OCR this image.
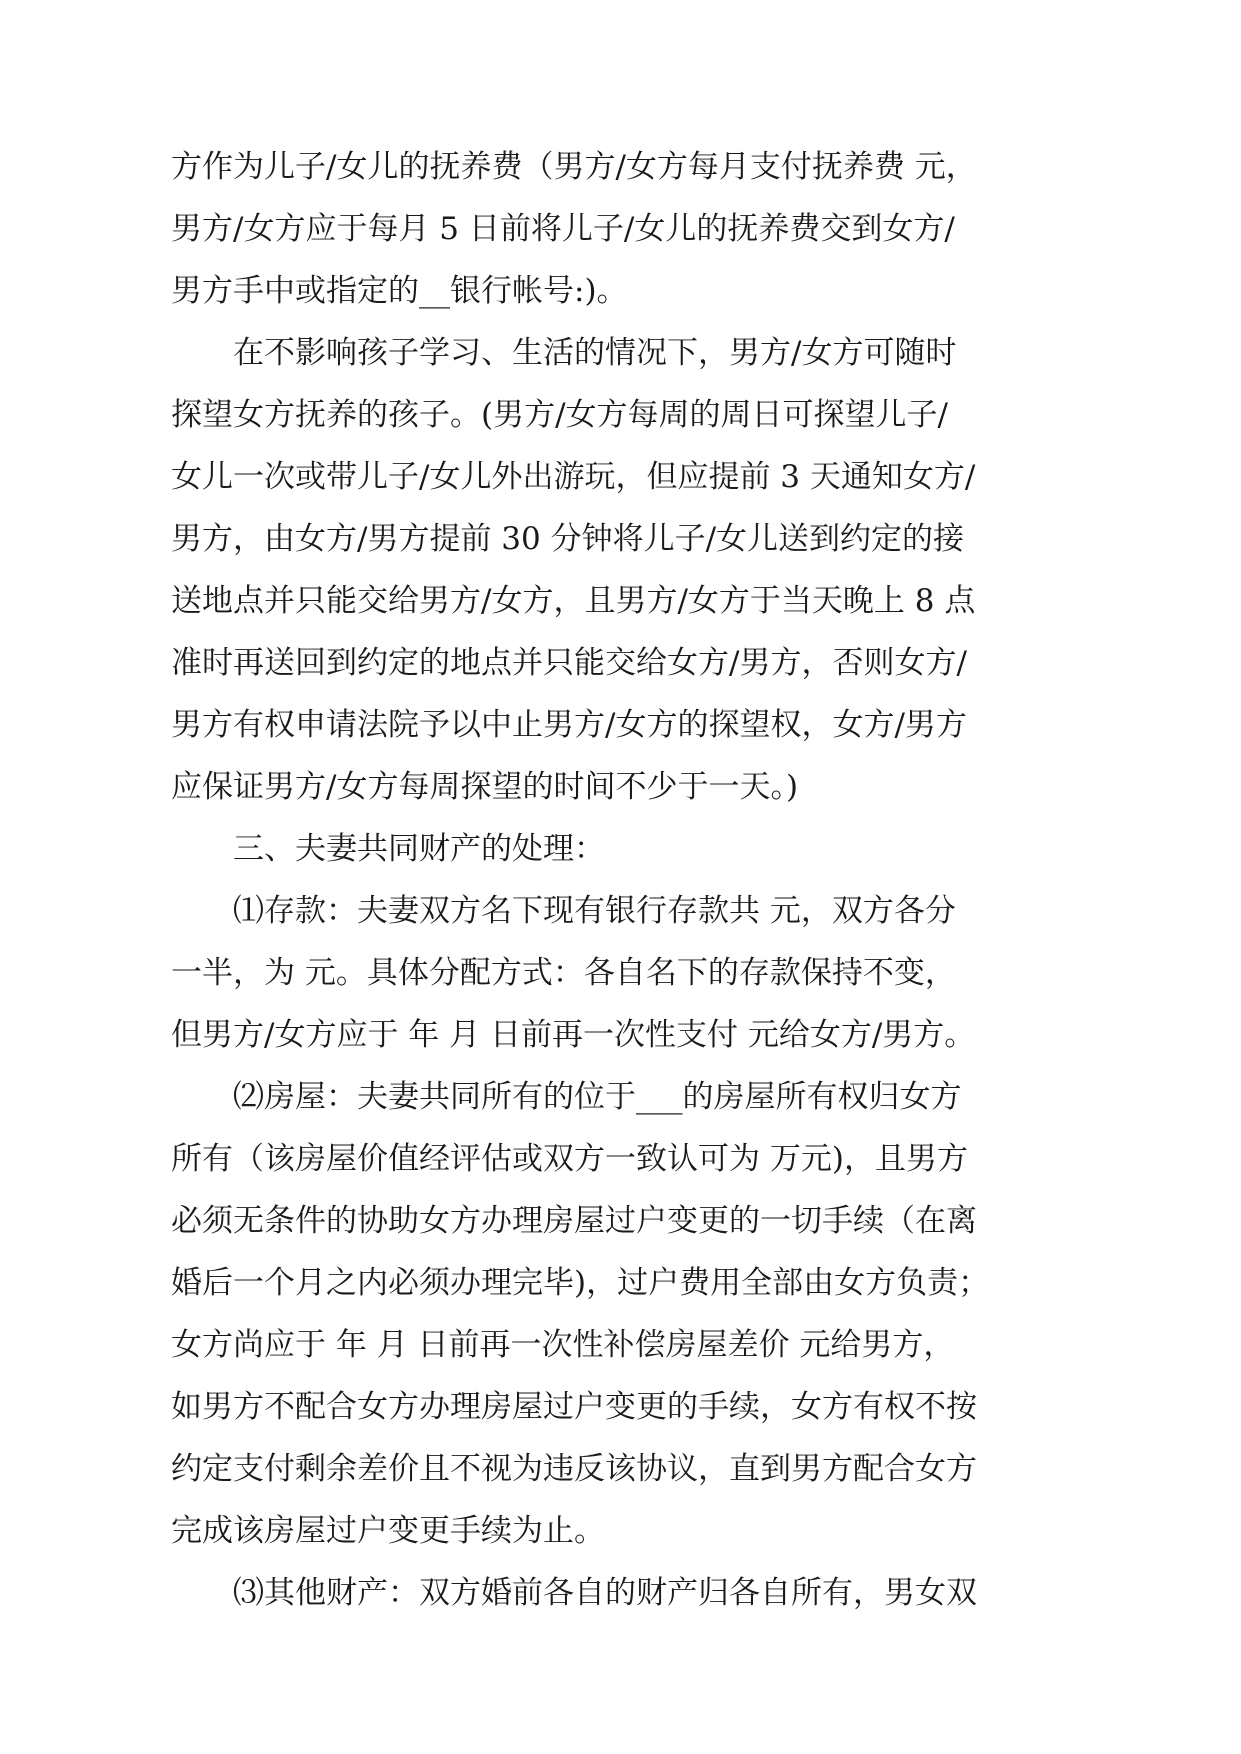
方作为儿子/女儿的抚养费（男方/女方每月支付抚养费 元，
男方/女方应于每月 5 日前将儿子/女儿的抚养费交到女方/
男方手中或指定的__银行帐号:)。
在不影响孩子学习、生活的情况下，男方/女方可随时
探望女方抚养的孩子。(男方/女方每周的周日可探望儿子/
女儿一次或带儿子/女儿外出游玩，但应提前 3 天通知女方/
男方，由女方/男方提前 30 分钟将儿子/女儿送到约定的接
送地点并只能交给男方/女方，且男方/女方于当天晚上 8 点
准时再送回到约定的地点并只能交给女方/男方，否则女方/
男方有权申请法院予以中止男方/女方的探望权，女方/男方
应保证男方/女方每周探望的时间不少于一天。)
三、夫妻共同财产的处理：
⑴存款：夫妻双方名下现有银行存款共 元，双方各分
一半，为 元。具体分配方式：各自名下的存款保持不变，
但男方/女方应于 年 月 日前再一次性支付 元给女方/男方。
⑵房屋：夫妻共同所有的位于___的房屋所有权归女方
所有（该房屋价值经评估或双方一致认可为 万元)，且男方
必须无条件的协助女方办理房屋过户变更的一切手续（在离
婚后一个月之内必须办理完毕)，过户费用全部由女方负责；
女方尚应于 年 月 日前再一次性补偿房屋差价 元给男方，
如男方不配合女方办理房屋过户变更的手续，女方有权不按
约定支付剩余差价且不视为违反该协议，直到男方配合女方
完成该房屋过户变更手续为止。
⑶其他财产：双方婚前各自的财产归各自所有，男女双
